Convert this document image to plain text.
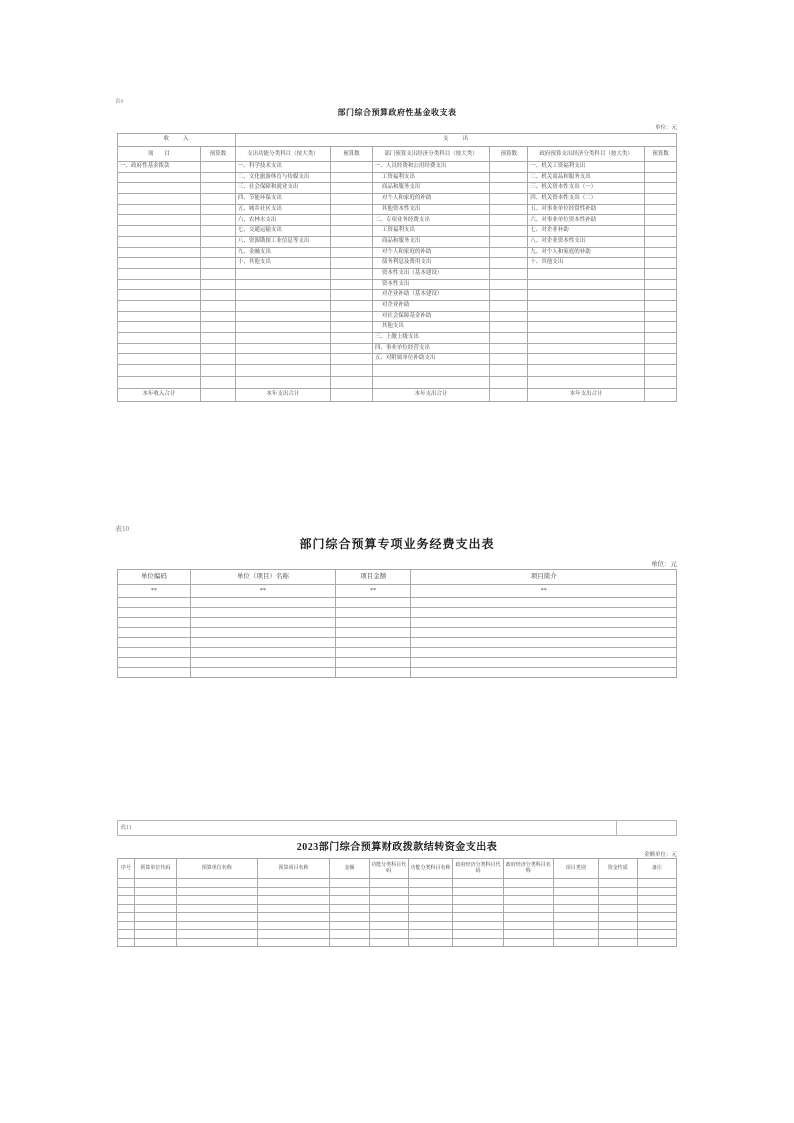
表9
部门综合预算政府性基金收支表
单位：元
收　　入		支　　出					
项　　目	预算数	支出功能分类科目（按大类）	预算数	部门预算支出经济分类科目（按大类）	预算数	政府预算支出经济分类科目（按大类）	预算数
一、政府性基金拨款		一、科学技术支出		一、人员经费和公用经费支出		一、机关工资福利支出	
		二、文化旅游体育与传媒支出		工资福利支出		二、机关商品和服务支出	
		三、社会保障和就业支出		商品和服务支出		三、机关资本性支出（一）	
		四、节能环保支出		对个人和家庭的补助		四、机关资本性支出（二）	
		五、城乡社区支出		其他资本性支出		五、对事业单位经常性补助	
		六、农林水支出		二、专项业务经费支出		六、对事业单位资本性补助	
		七、交通运输支出		工资福利支出		七、对企业补助	
		八、资源勘探工业信息等支出		商品和服务支出		八、对企业资本性支出	
		九、金融支出		对个人和家庭的补助		九、对个人和家庭的补助	
		十、其他支出		债务利息及费用支出		十、其他支出	
				资本性支出（基本建设）			
				资本性支出			
				对企业补助（基本建设）			
				对企业补助			
				对社会保障基金补助			
				其他支出			
				三、上缴上级支出			
				四、事业单位经营支出			
				五、对附属单位补助支出			

本年收入合计		本年支出合计		本年支出合计		本年支出合计	
表10
部门综合预算专项业务经费支出表
单位：元
单位编码	单位（项目）名称	项目金额	项目简介
**	**	**	**

表11
2023部门综合预算财政拨款结转资金支出表
金额单位：元
序号	预算单位代码	预算单位名称	预算项目名称	金额	功能分类科目代码	功能分类科目名称	政府经济分类科目代码	政府经济分类科目名称	项目类别	资金性质	备注
